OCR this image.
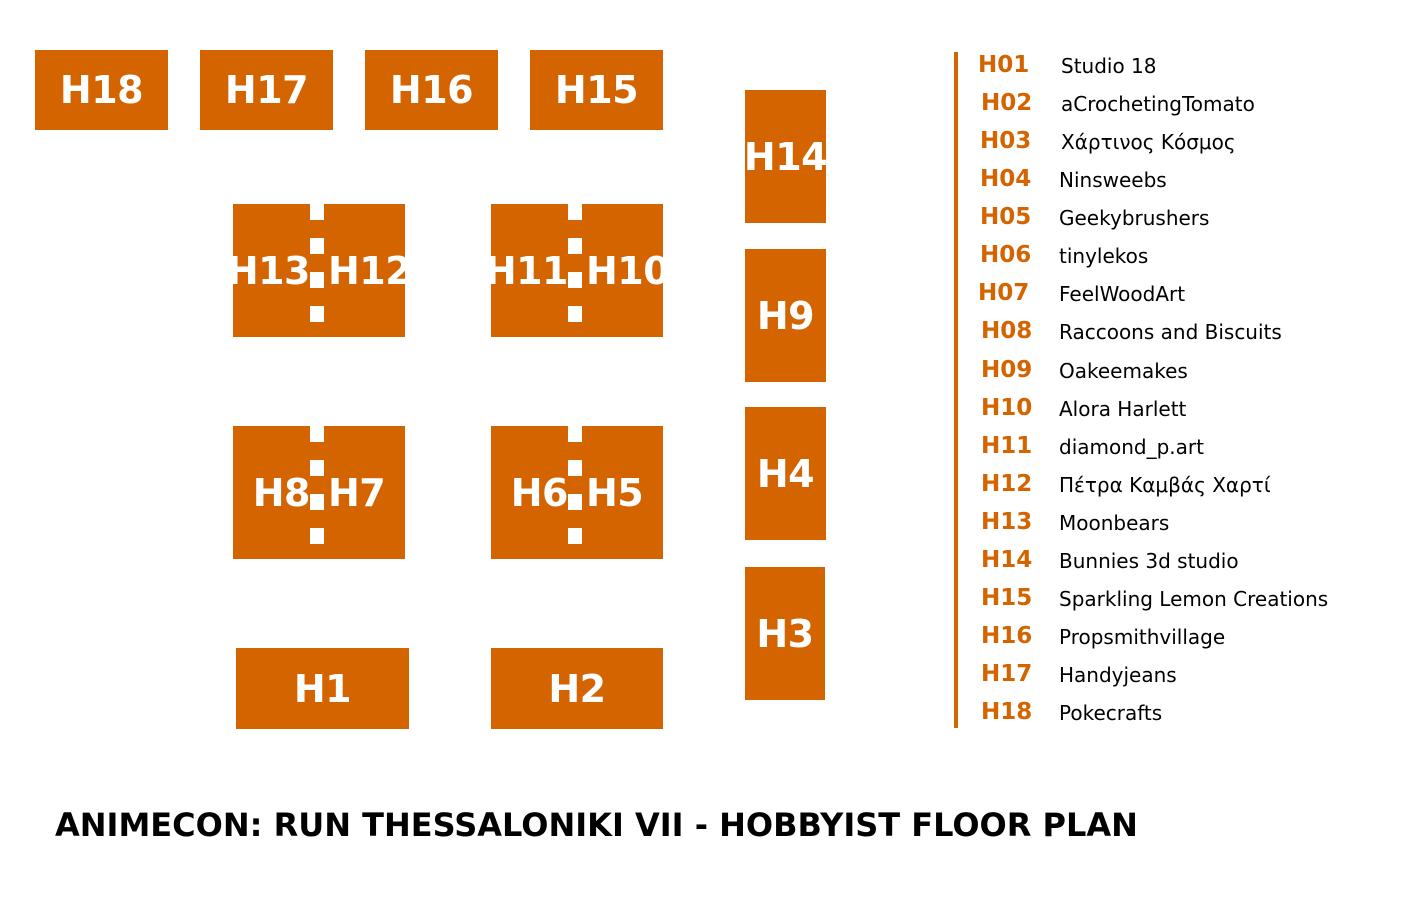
H18 H17 H16 H15
H14
H9
H4
H3
H13 H12 H11 H10
H8 H7	H6 H5
H1	H2
H01 Studio 18
H02 aCrochetingTomato
H03 Χάρτινος Κόσμος
H04 Ninsweebs
H05 Geekybrushers
H06 tinylekos
H07 FeelWoodArt
H08 Raccoons and Biscuits
H09 Oakeemakes
H10 Alora Harlett
H11 diamond_p.art
H12 Πέτρα Καμβάς Χαρτί
H13 Moonbears
H14 Bunnies 3d studio
H15 Sparkling Lemon Creations
H16 Propsmithvillage
H17 Handyjeans
H18 Pokecrafts
ANIMECON: RUN THESSALONIKI VII - HOBBYIST FLOOR PLAN
